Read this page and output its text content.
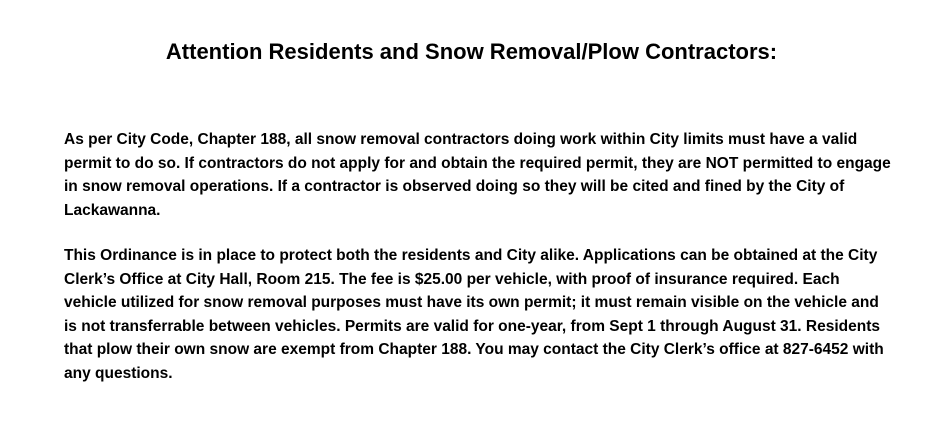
Attention Residents and Snow Removal/Plow Contractors:

As per City Code, Chapter 188, all snow removal contractors doing work within City limits must have a valid permit to do so. If contractors do not apply for and obtain the required permit, they are NOT permitted to engage in snow removal operations. If a contractor is observed doing so they will be cited and fined by the City of Lackawanna.

This Ordinance is in place to protect both the residents and City alike. Applications can be obtained at the City Clerk’s Office at City Hall, Room 215. The fee is $25.00 per vehicle, with proof of insurance required. Each vehicle utilized for snow removal purposes must have its own permit; it must remain visible on the vehicle and is not transferrable between vehicles. Permits are valid for one-year, from Sept 1 through August 31. Residents that plow their own snow are exempt from Chapter 188. You may contact the City Clerk’s office at 827-6452 with any questions.
